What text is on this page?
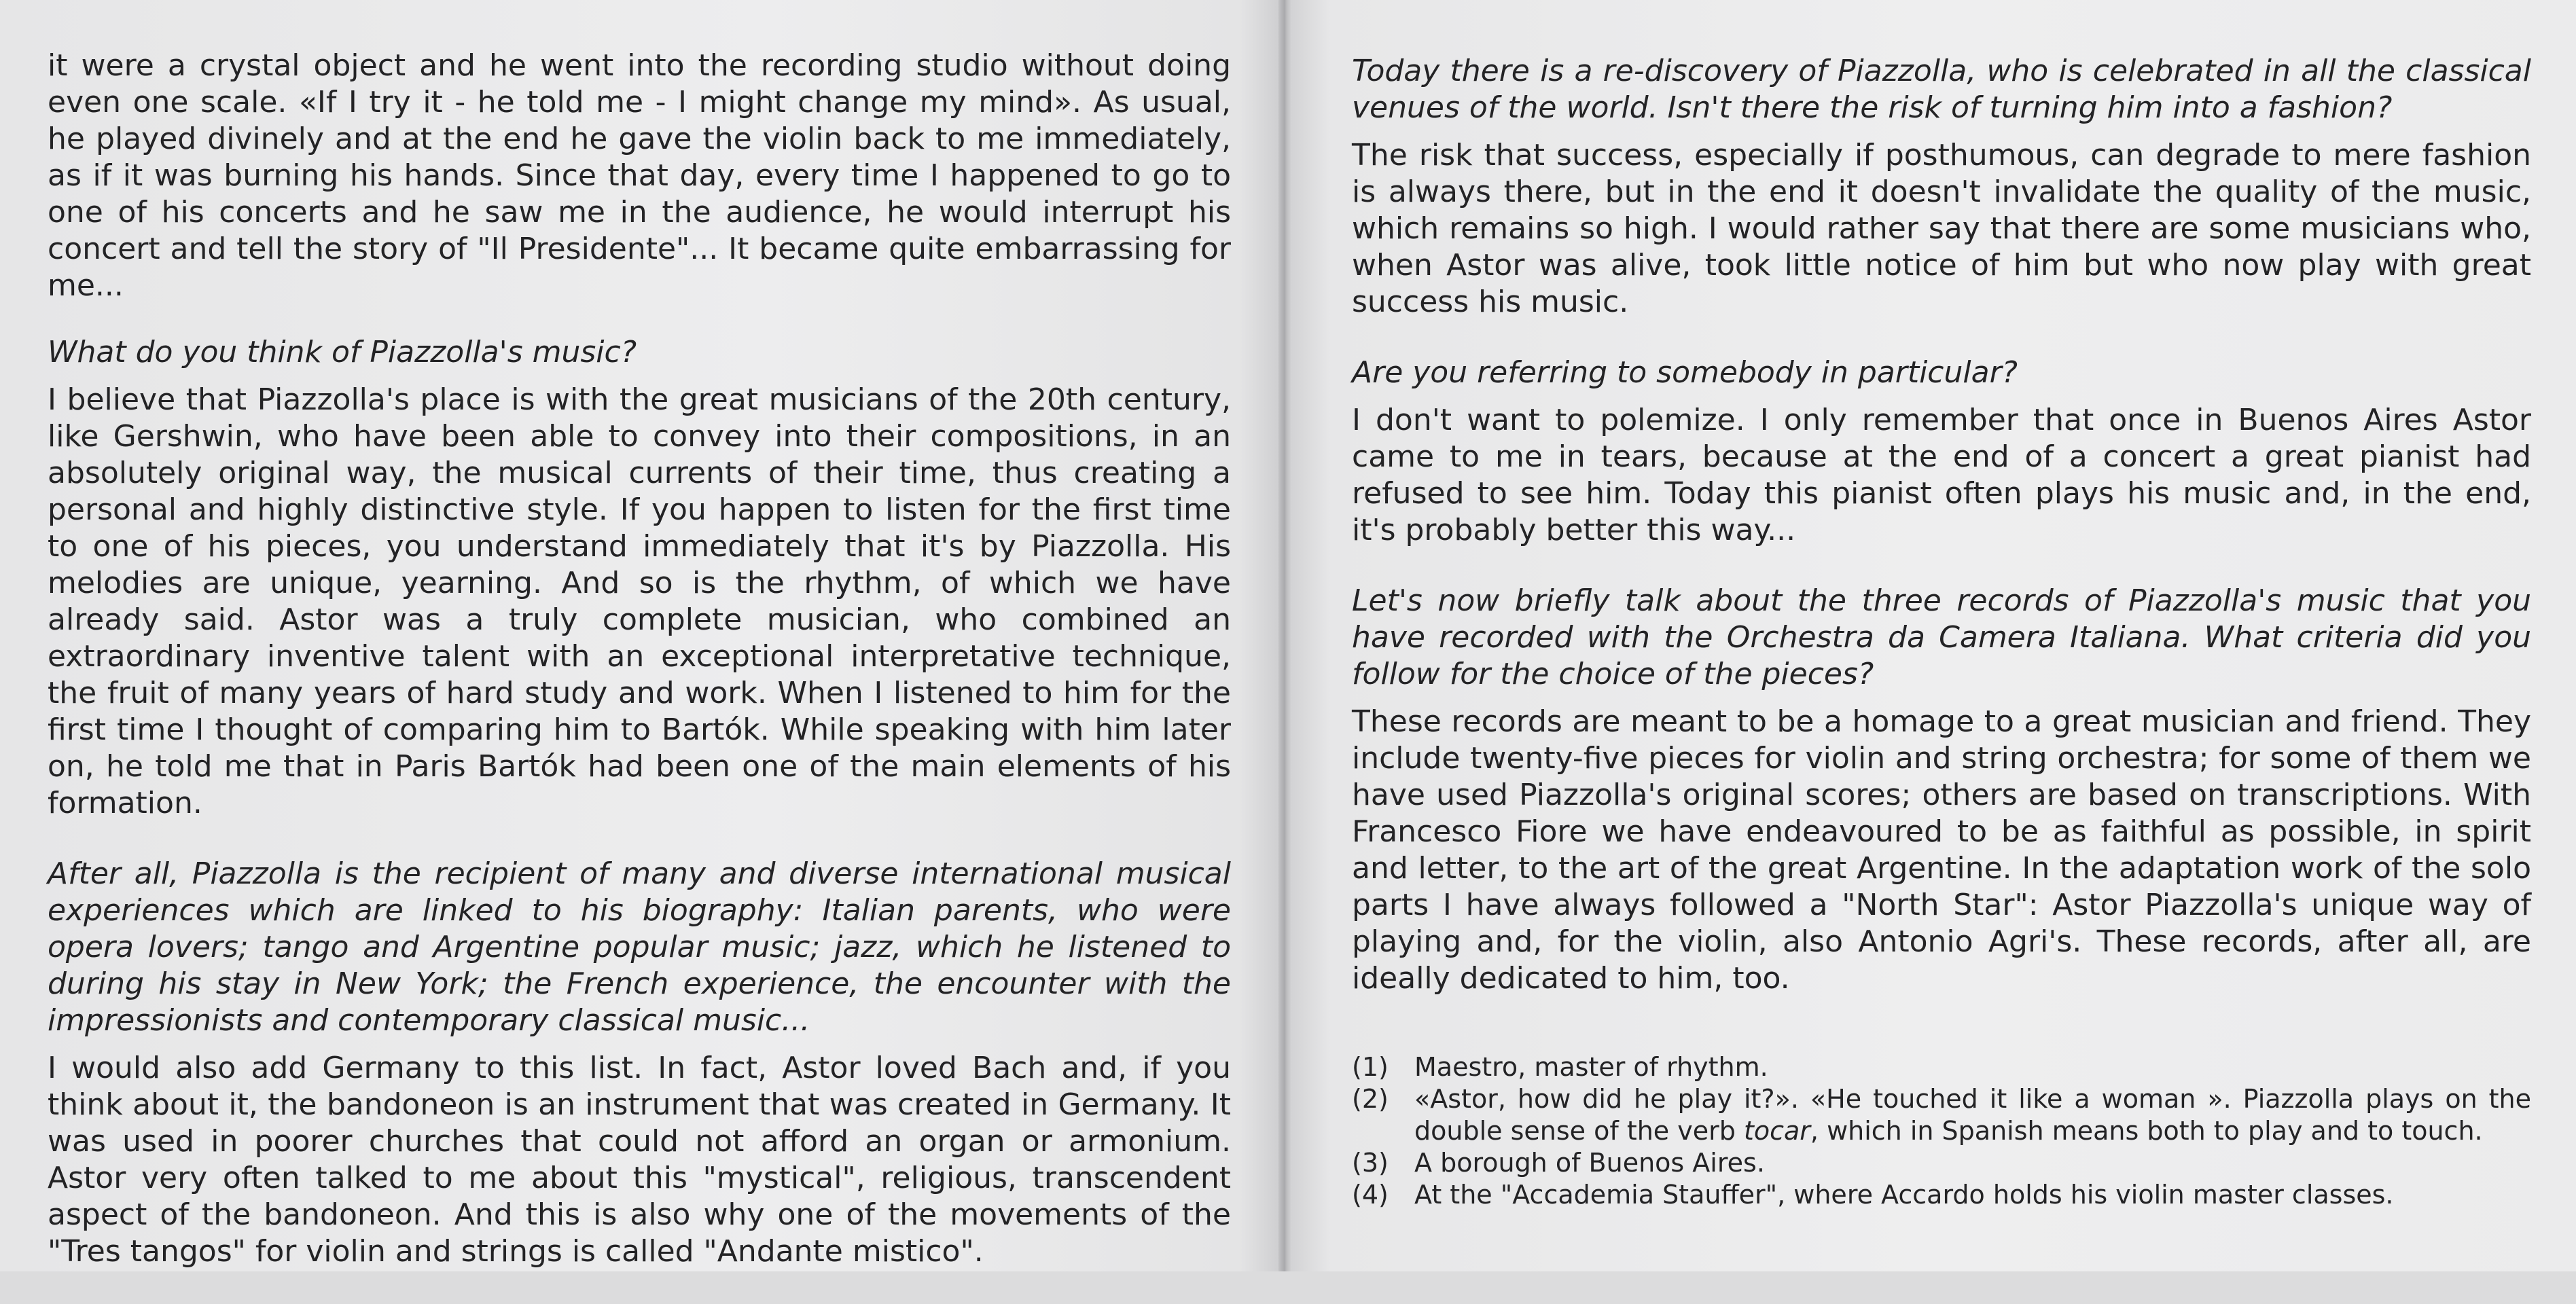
it were a crystal object and he went into the recording studio without doing even one scale. «If I try it - he told me - I might change my mind». As usual, he played divinely and at the end he gave the violin back to me immediately, as if it was burning his hands. Since that day, every time I happened to go to one of his concerts and he saw me in the audience, he would interrupt his concert and tell the story of "Il Presidente"... It became quite embarrassing for me...

What do you think of Piazzolla's music?

I believe that Piazzolla's place is with the great musicians of the 20th century, like Gershwin, who have been able to convey into their compositions, in an absolutely original way, the musical currents of their time, thus creating a personal and highly distinctive style. If you happen to listen for the first time to one of his pieces, you understand immediately that it's by Piazzolla. His melodies are unique, yearning. And so is the rhythm, of which we have already said. Astor was a truly complete musician, who combined an extraordinary inventive talent with an exceptional interpretative technique, the fruit of many years of hard study and work. When I listened to him for the first time I thought of comparing him to Bartók. While speaking with him later on, he told me that in Paris Bartók had been one of the main elements of his formation.

After all, Piazzolla is the recipient of many and diverse international musical experiences which are linked to his biography: Italian parents, who were opera lovers; tango and Argentine popular music; jazz, which he listened to during his stay in New York; the French experience, the encounter with the impressionists and contemporary classical music...

I would also add Germany to this list. In fact, Astor loved Bach and, if you think about it, the bandoneon is an instrument that was created in Germany. It was used in poorer churches that could not afford an organ or armonium. Astor very often talked to me about this "mystical", religious, transcendent aspect of the bandoneon. And this is also why one of the movements of the "Tres tangos" for violin and strings is called "Andante mistico".

Today there is a re-discovery of Piazzolla, who is celebrated in all the classical venues of the world. Isn't there the risk of turning him into a fashion?

The risk that success, especially if posthumous, can degrade to mere fashion is always there, but in the end it doesn't invalidate the quality of the music, which remains so high. I would rather say that there are some musicians who, when Astor was alive, took little notice of him but who now play with great success his music.

Are you referring to somebody in particular?

I don't want to polemize. I only remember that once in Buenos Aires Astor came to me in tears, because at the end of a concert a great pianist had refused to see him. Today this pianist often plays his music and, in the end, it's probably better this way...

Let's now briefly talk about the three records of Piazzolla's music that you have recorded with the Orchestra da Camera Italiana. What criteria did you follow for the choice of the pieces?

These records are meant to be a homage to a great musician and friend. They include twenty-five pieces for violin and string orchestra; for some of them we have used Piazzolla's original scores; others are based on transcriptions. With Francesco Fiore we have endeavoured to be as faithful as possible, in spirit and letter, to the art of the great Argentine. In the adaptation work of the solo parts I have always followed a "North Star": Astor Piazzolla's unique way of playing and, for the violin, also Antonio Agri's. These records, after all, are ideally dedicated to him, too.

(1)	Maestro, master of rhythm.
(2)	«Astor, how did he play it?». «He touched it like a woman ». Piazzolla plays on the double sense of the verb tocar, which in Spanish means both to play and to touch.
(3)	A borough of Buenos Aires.
(4)	At the "Accademia Stauffer", where Accardo holds his violin master classes.
